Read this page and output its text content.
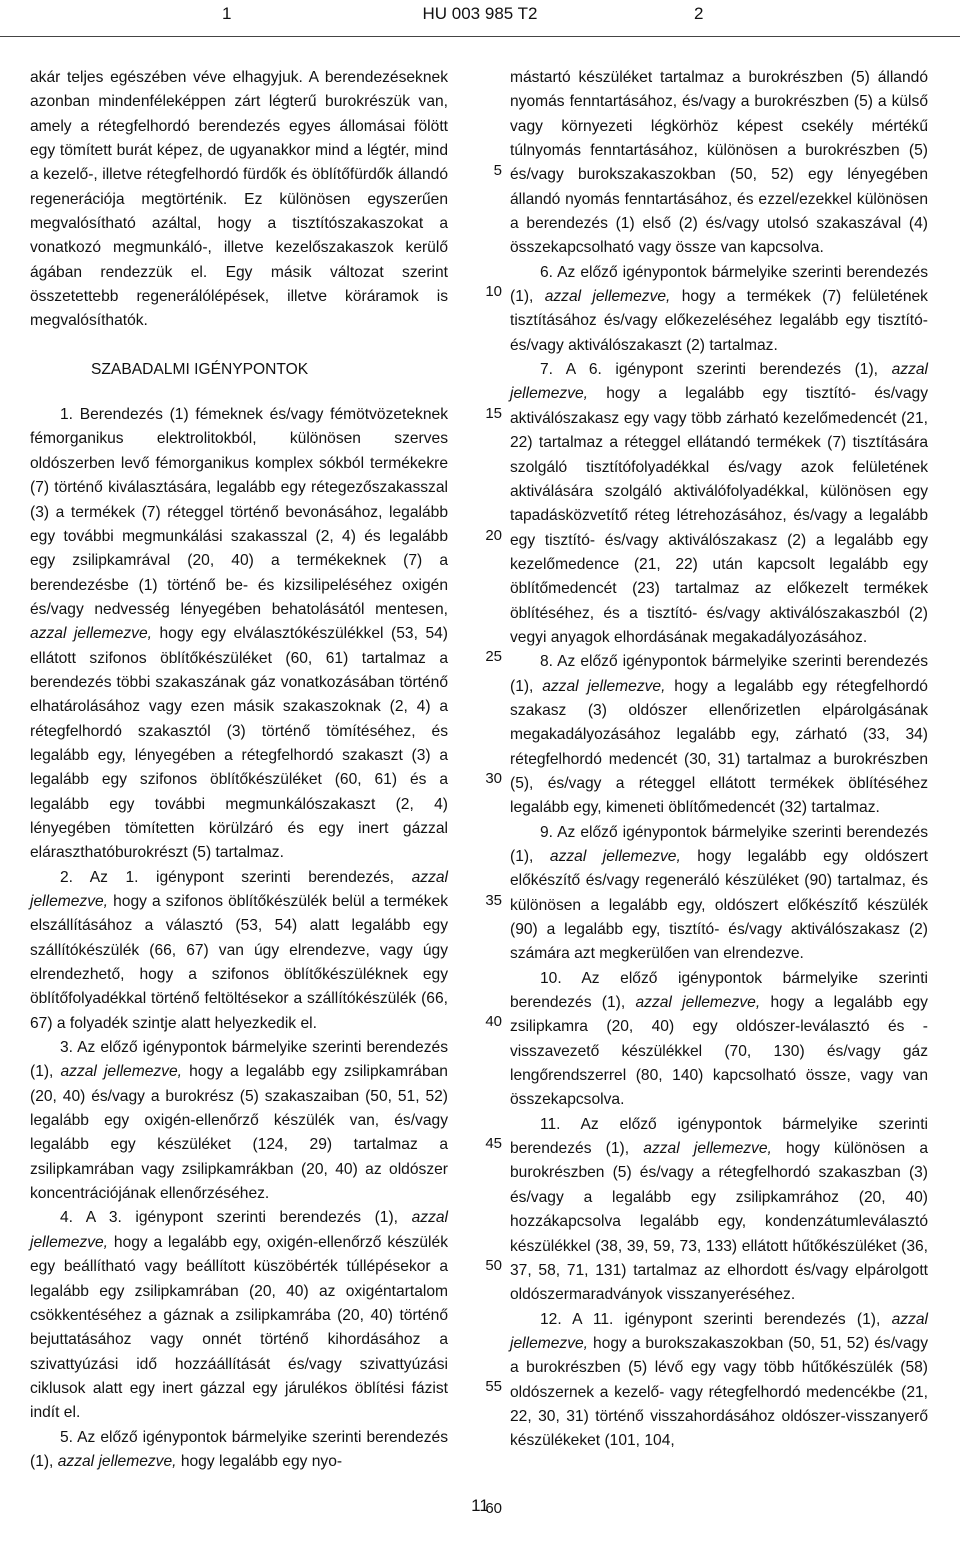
1	HU 003 985 T2	2

akár teljes egészében véve elhagyjuk. A berendezéseknek azonban mindenféleképpen zárt légterű burokrészük van, amely a rétegfelhordó berendezés egyes állomásai fölött egy tömített burát képez, de ugyanakkor mind a légtér, mind a kezelő-, illetve rétegfelhordó fürdők és öblítőfürdők állandó regenerációja megtörténik. Ez különösen egyszerűen megvalósítható azáltal, hogy a tisztítószakaszokat a vonatkozó megmunkáló-, illetve kezelőszakaszok kerülő ágában rendezzük el. Egy másik változat szerint összetettebb regenerálólépések, illetve köráramok is megvalósíthatók.

SZABADALMI IGÉNYPONTOK

1. Berendezés (1) fémeknek és/vagy fémötvözeteknek fémorganikus elektrolitokból, különösen szerves oldószerben levő fémorganikus komplex sókból termékekre (7) történő kiválasztására, legalább egy rétegezőszakasszal (3) a termékek (7) réteggel történő bevonásához, legalább egy további megmunkálási szakasszal (2, 4) és legalább egy zsilipkamrával (20, 40) a termékeknek (7) a berendezésbe (1) történő be- és kizsilipeléséhez oxigén és/vagy nedvesség lényegében behatolásától mentesen, azzal jellemezve, hogy egy elválasztókészülékkel (53, 54) ellátott szifonos öblítőkészüléket (60, 61) tartalmaz a berendezés többi szakaszának gáz vonatkozásában történő elhatárolásához vagy ezen másik szakaszoknak (2, 4) a rétegfelhordó szakasztól (3) történő tömítéséhez, és legalább egy, lényegében a rétegfelhordó szakaszt (3) a legalább egy szifonos öblítőkészüléket (60, 61) és a legalább egy további megmunkálószakaszt (2, 4) lényegében tömítetten körülzáró és egy inert gázzal eláraszthatóburokrészt (5) tartalmaz.

2. Az 1. igénypont szerinti berendezés, azzal jellemezve, hogy a szifonos öblítőkészülék belül a termékek elszállításához a választó (53, 54) alatt legalább egy szállítókészülék (66, 67) van úgy elrendezve, vagy úgy elrendezhető, hogy a szifonos öblítőkészüléknek egy öblítőfolyadékkal történő feltöltésekor a szállítókészülék (66, 67) a folyadék szintje alatt helyezkedik el.

3. Az előző igénypontok bármelyike szerinti berendezés (1), azzal jellemezve, hogy a legalább egy zsilipkamrában (20, 40) és/vagy a burokrész (5) szakaszaiban (50, 51, 52) legalább egy oxigén-ellenőrző készülék van, és/vagy legalább egy készüléket (124, 29) tartalmaz a zsilipkamrában vagy zsilipkamrákban (20, 40) az oldószer koncentrációjának ellenőrzéséhez.

4. A 3. igénypont szerinti berendezés (1), azzal jellemezve, hogy a legalább egy, oxigén-ellenőrző készülék egy beállítható vagy beállított küszöbérték túllépésekor a legalább egy zsilipkamrában (20, 40) az oxigéntartalom csökkentéséhez a gáznak a zsilipkamrába (20, 40) történő bejuttatásához vagy onnét történő kihordásához a szivattyúzási idő hozzáállítását és/vagy szivattyúzási ciklusok alatt egy inert gázzal egy járulékos öblítési fázist indít el.

5. Az előző igénypontok bármelyike szerinti berendezés (1), azzal jellemezve, hogy legalább egy nyo-

mástartó készüléket tartalmaz a burokrészben (5) állandó nyomás fenntartásához, és/vagy a burokrészben (5) a külső vagy környezeti légkörhöz képest csekély mértékű túlnyomás fenntartásához, különösen a burokrészben (5) és/vagy burokszakaszokban (50, 52) egy lényegében állandó nyomás fenntartásához, és ezzel/ezekkel különösen a berendezés (1) első (2) és/vagy utolsó szakaszával (4) összekapcsolható vagy össze van kapcsolva.

6. Az előző igénypontok bármelyike szerinti berendezés (1), azzal jellemezve, hogy a termékek (7) felületének tisztításához és/vagy előkezeléséhez legalább egy tisztító- és/vagy aktiválószakaszt (2) tartalmaz.

7. A 6. igénypont szerinti berendezés (1), azzal jellemezve, hogy a legalább egy tisztító- és/vagy aktiválószakasz egy vagy több zárható kezelőmedencét (21, 22) tartalmaz a réteggel ellátandó termékek (7) tisztítására szolgáló tisztítófolyadékkal és/vagy azok felületének aktiválására szolgáló aktiválófolyadékkal, különösen egy tapadásközvetítő réteg létrehozásához, és/vagy a legalább egy tisztító- és/vagy aktiválószakasz (2) a legalább egy kezelőmedence (21, 22) után kapcsolt legalább egy öblítőmedencét (23) tartalmaz az előkezelt termékek öblítéséhez, és a tisztító- és/vagy aktiválószakaszból (2) vegyi anyagok elhordásának megakadályozásához.

8. Az előző igénypontok bármelyike szerinti berendezés (1), azzal jellemezve, hogy a legalább egy rétegfelhordó szakasz (3) oldószer ellenőrizetlen elpárolgásának megakadályozásához legalább egy, zárható (33, 34) rétegfelhordó medencét (30, 31) tartalmaz a burokrészben (5), és/vagy a réteggel ellátott termékek öblítéséhez legalább egy, kimeneti öblítőmedencét (32) tartalmaz.

9. Az előző igénypontok bármelyike szerinti berendezés (1), azzal jellemezve, hogy legalább egy oldószert előkészítő és/vagy regeneráló készüléket (90) tartalmaz, és különösen a legalább egy, oldószert előkészítő készülék (90) a legalább egy, tisztító- és/vagy aktiválószakasz (2) számára azt megkerülően van elrendezve.

10. Az előző igénypontok bármelyike szerinti berendezés (1), azzal jellemezve, hogy a legalább egy zsilipkamra (20, 40) egy oldószer-leválasztó és -visszavezető készülékkel (70, 130) és/vagy gáz lengőrendszerrel (80, 140) kapcsolható össze, vagy van összekapcsolva.

11. Az előző igénypontok bármelyike szerinti berendezés (1), azzal jellemezve, hogy különösen a burokrészben (5) és/vagy a rétegfelhordó szakaszban (3) és/vagy a legalább egy zsilipkamrához (20, 40) hozzákapcsolva legalább egy, kondenzátumleválasztó készülékkel (38, 39, 59, 73, 133) ellátott hűtőkészüléket (36, 37, 58, 71, 131) tartalmaz az elhordott és/vagy elpárolgott oldószermaradványok visszanyeréséhez.

12. A 11. igénypont szerinti berendezés (1), azzal jellemezve, hogy a burokszakaszokban (50, 51, 52) és/vagy a burokrészben (5) lévő egy vagy több hűtőkészülék (58) oldószernek a kezelő- vagy rétegfelhordó medencékbe (21, 22, 30, 31) történő visszahordásához oldószer-visszanyerő készülékeket (101, 104,

5
10
15
20
25
30
35
40
45
50
55
60
11
